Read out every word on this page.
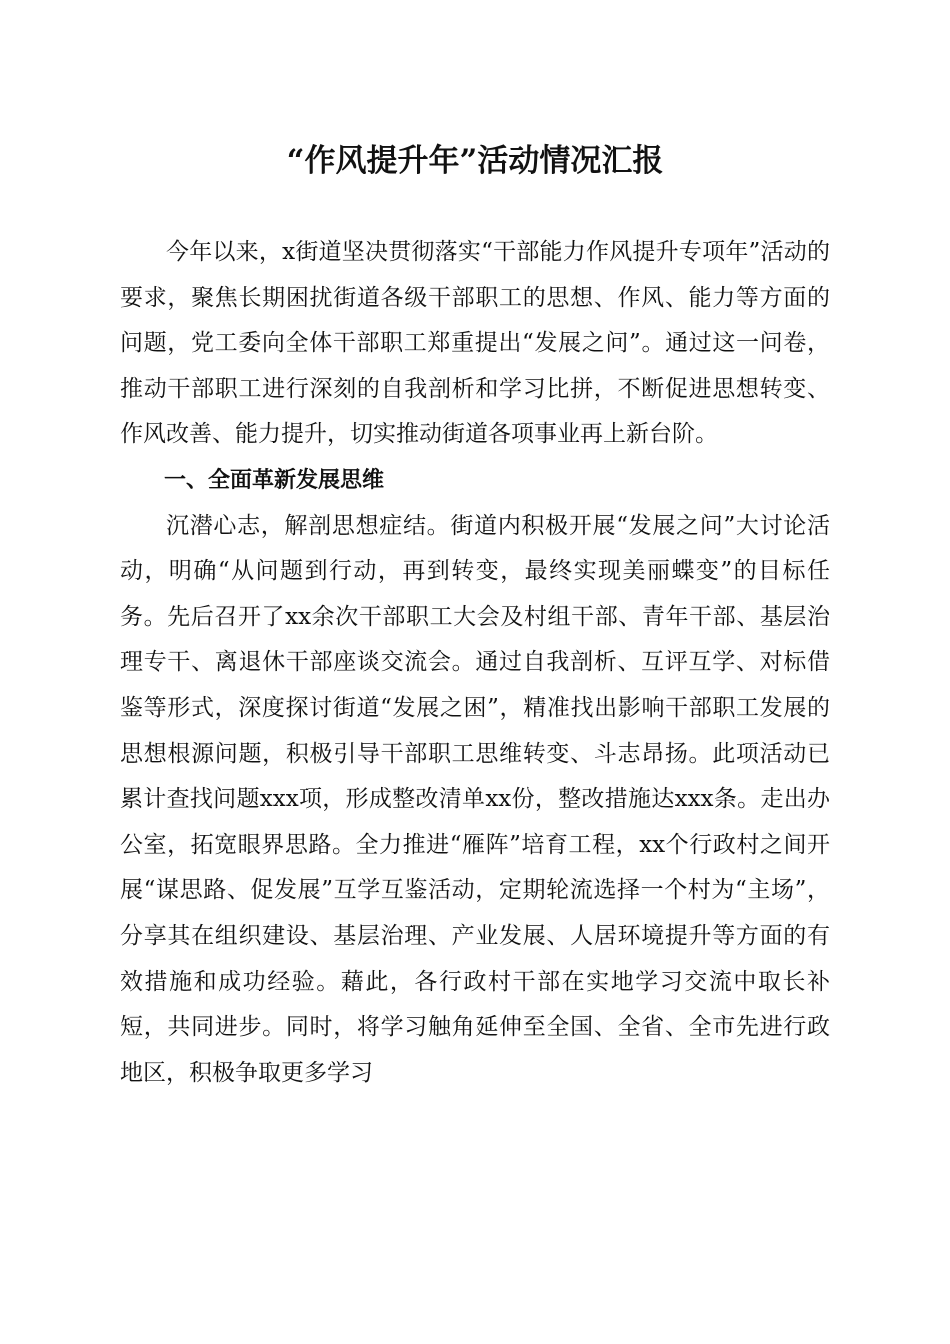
“作风提升年”活动情况汇报

今年以来，x街道坚决贯彻落实“干部能力作风提升专项年”活动的要求，聚焦长期困扰街道各级干部职工的思想、作风、能力等方面的问题，党工委向全体干部职工郑重提出“发展之问”。通过这一问卷，推动干部职工进行深刻的自我剖析和学习比拼，不断促进思想转变、作风改善、能力提升，切实推动街道各项事业再上新台阶。

一、全面革新发展思维

沉潜心志，解剖思想症结。街道内积极开展“发展之问”大讨论活动，明确“从问题到行动，再到转变，最终实现美丽蝶变”的目标任务。先后召开了xx余次干部职工大会及村组干部、青年干部、基层治理专干、离退休干部座谈交流会。通过自我剖析、互评互学、对标借鉴等形式，深度探讨街道“发展之困”，精准找出影响干部职工发展的思想根源问题，积极引导干部职工思维转变、斗志昂扬。此项活动已累计查找问题xxx项，形成整改清单xx份，整改措施达xxx条。走出办公室，拓宽眼界思路。全力推进“雁阵”培育工程，xx个行政村之间开展“谋思路、促发展”互学互鉴活动，定期轮流选择一个村为“主场”，分享其在组织建设、基层治理、产业发展、人居环境提升等方面的有效措施和成功经验。藉此，各行政村干部在实地学习交流中取长补短，共同进步。同时，将学习触角延伸至全国、全省、全市先进行政地区，积极争取更多学习
